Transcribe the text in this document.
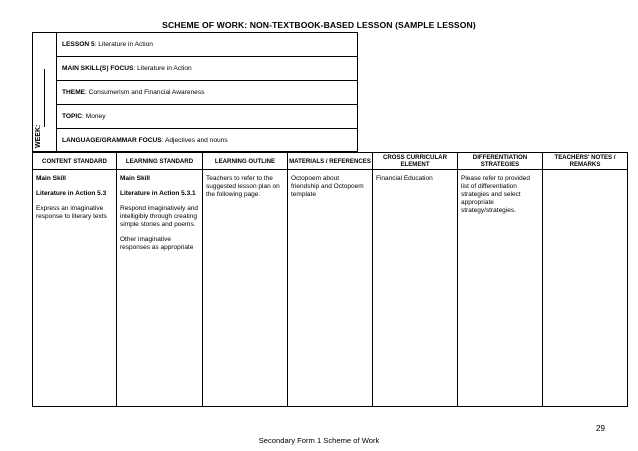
SCHEME OF WORK: NON-TEXTBOOK-BASED LESSON (SAMPLE LESSON)
WEEK:
LESSON 5: Literature in Action
MAIN SKILL(S) FOCUS: Literature in Action
THEME: Consumerism and Financial Awareness
TOPIC: Money
LANGUAGE/GRAMMAR FOCUS: Adjectives and nouns
CONTENT STANDARD

Main Skill

Literature in Action 5.3

Express an imaginative response to literary texts

LEARNING STANDARD

Main Skill

Literature in Action 5.3.1

Respond imaginatively and intelligibly through creating simple stories and poems.

Other imaginative responses as appropriate

LEARNING OUTLINE

Teachers to refer to the suggested lesson plan on the following page.

MATERIALS / REFERENCES

Octopoem about friendship and Octopoem template

CROSS CURRICULAR ELEMENT

Financial Education

DIFFERENTIATION STRATEGIES

Please refer to provided list of differentiation strategies and select appropriate strategy/strategies.

TEACHERS' NOTES / REMARKS

29
Secondary Form 1 Scheme of Work
